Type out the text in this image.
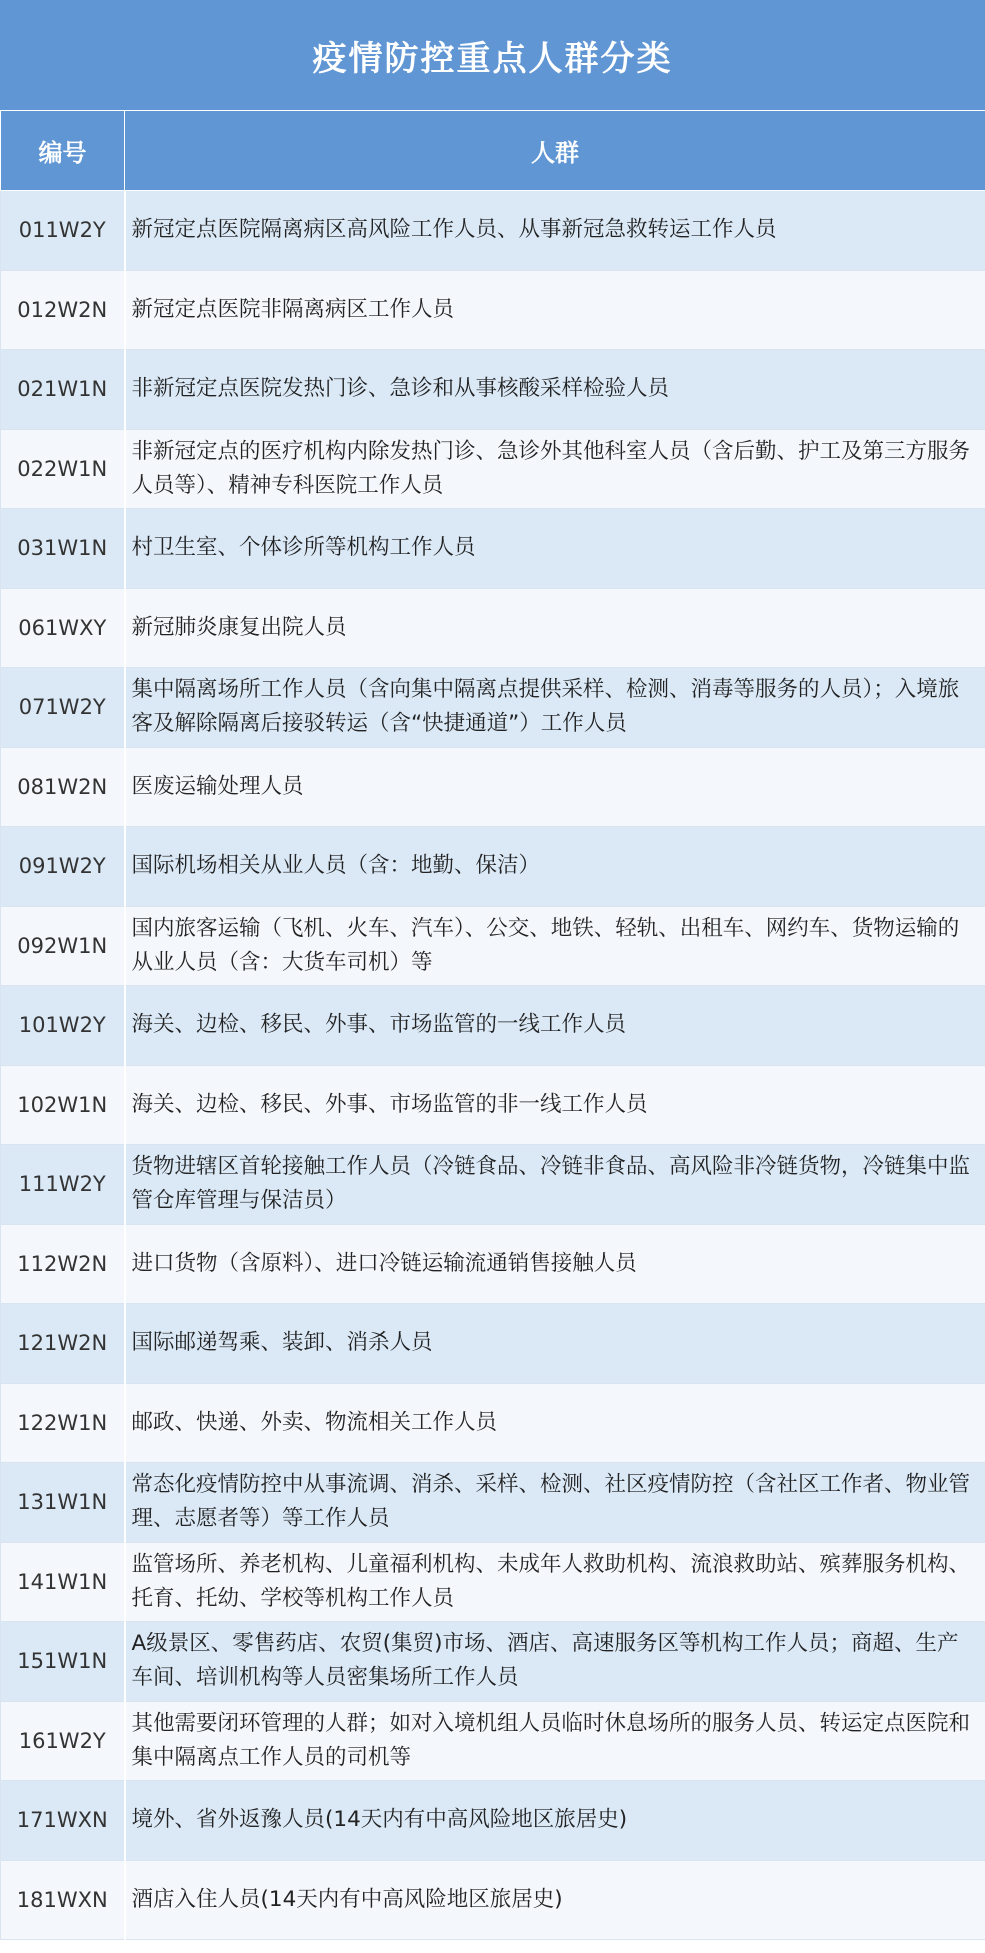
疫情防控重点人群分类
编号	人群
011W2Y	新冠定点医院隔离病区高风险工作人员、从事新冠急救转运工作人员
012W2N	新冠定点医院非隔离病区工作人员
021W1N	非新冠定点医院发热门诊、急诊和从事核酸采样检验人员
022W1N	非新冠定点的医疗机构内除发热门诊、急诊外其他科室人员（含后勤、护工及第三方服务人员等）、精神专科医院工作人员
031W1N	村卫生室、个体诊所等机构工作人员
061WXY	新冠肺炎康复出院人员
071W2Y	集中隔离场所工作人员（含向集中隔离点提供采样、检测、消毒等服务的人员）；入境旅客及解除隔离后接驳转运（含“快捷通道”）工作人员
081W2N	医废运输处理人员
091W2Y	国际机场相关从业人员（含：地勤、保洁）
092W1N	国内旅客运输（飞机、火车、汽车）、公交、地铁、轻轨、出租车、网约车、货物运输的从业人员（含：大货车司机）等
101W2Y	海关、边检、移民、外事、市场监管的一线工作人员
102W1N	海关、边检、移民、外事、市场监管的非一线工作人员
111W2Y	货物进辖区首轮接触工作人员（冷链食品、冷链非食品、高风险非冷链货物，冷链集中监管仓库管理与保洁员）
112W2N	进口货物（含原料）、进口冷链运输流通销售接触人员
121W2N	国际邮递驾乘、装卸、消杀人员
122W1N	邮政、快递、外卖、物流相关工作人员
131W1N	常态化疫情防控中从事流调、消杀、采样、检测、社区疫情防控（含社区工作者、物业管理、志愿者等）等工作人员
141W1N	监管场所、养老机构、儿童福利机构、未成年人救助机构、流浪救助站、殡葬服务机构、托育、托幼、学校等机构工作人员
151W1N	A级景区、零售药店、农贸(集贸)市场、酒店、高速服务区等机构工作人员；商超、生产车间、培训机构等人员密集场所工作人员
161W2Y	其他需要闭环管理的人群；如对入境机组人员临时休息场所的服务人员、转运定点医院和集中隔离点工作人员的司机等
171WXN	境外、省外返豫人员(14天内有中高风险地区旅居史)
181WXN	酒店入住人员(14天内有中高风险地区旅居史)
